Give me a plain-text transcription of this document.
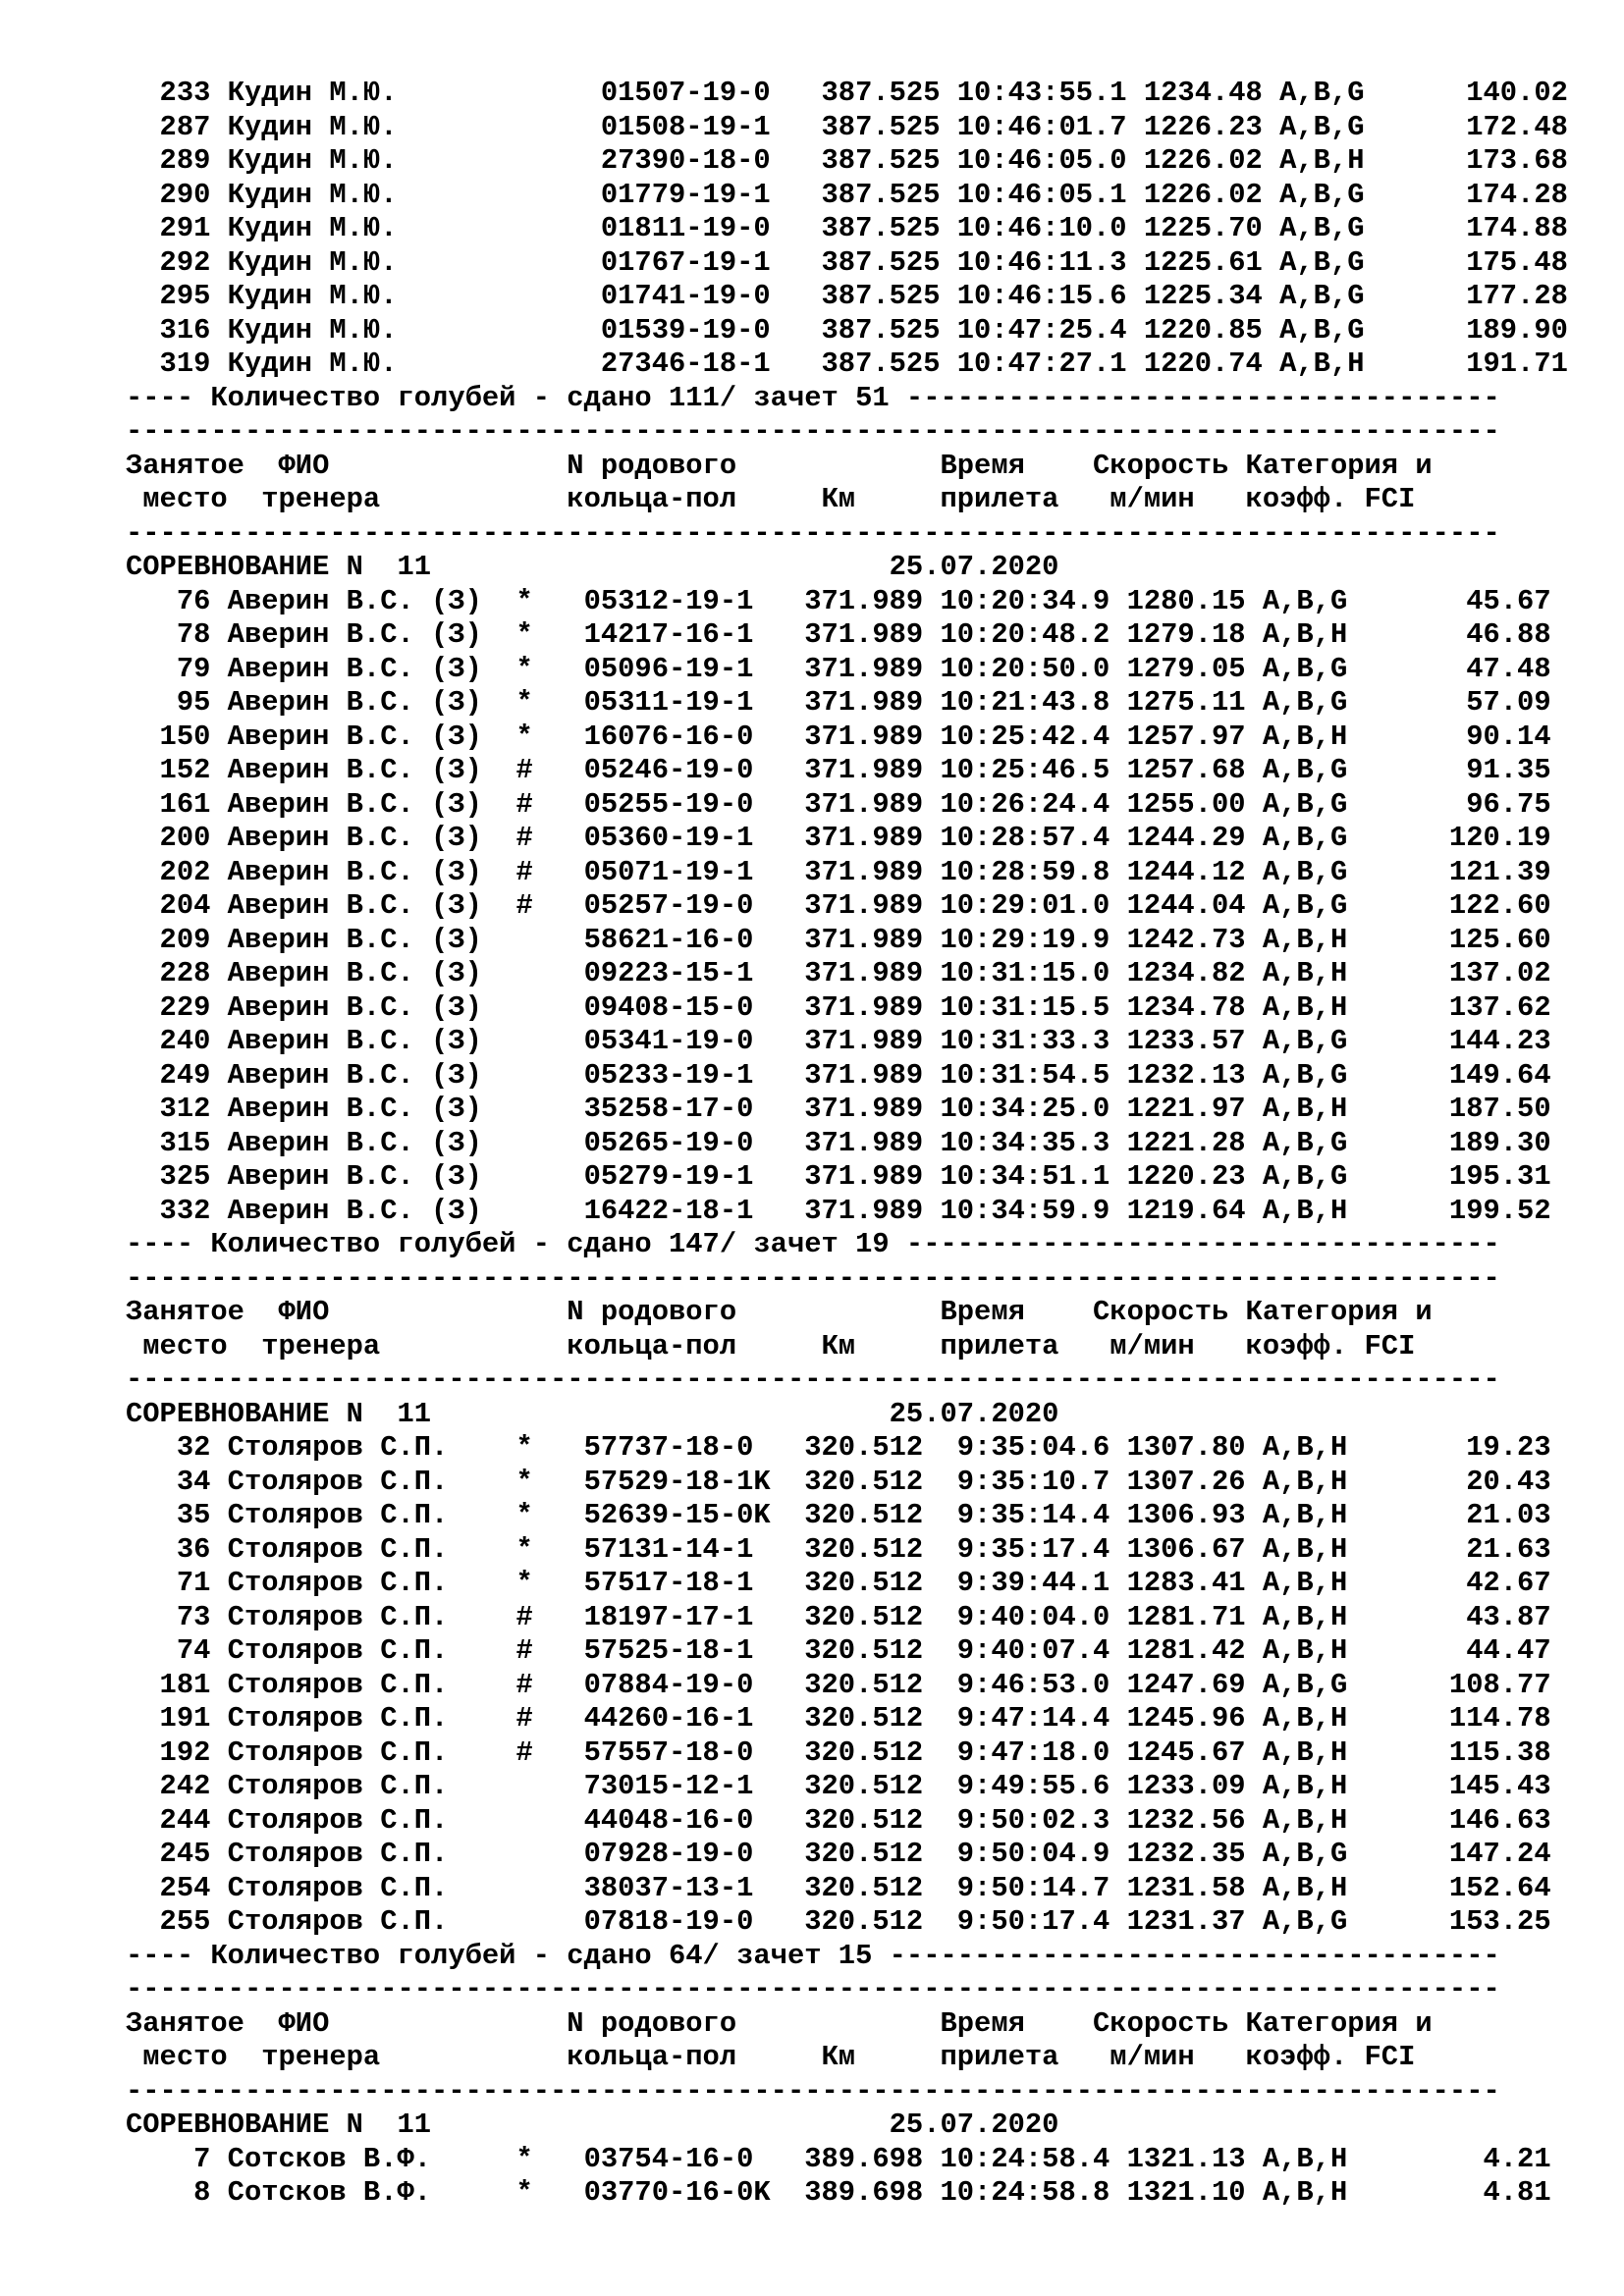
233 Кудин М.Ю.            01507-19-0   387.525 10:43:55.1 1234.48 A,B,G      140.02
287 Кудин М.Ю.            01508-19-1   387.525 10:46:01.7 1226.23 A,B,G      172.48
289 Кудин М.Ю.            27390-18-0   387.525 10:46:05.0 1226.02 A,B,H      173.68
290 Кудин М.Ю.            01779-19-1   387.525 10:46:05.1 1226.02 A,B,G      174.28
291 Кудин М.Ю.            01811-19-0   387.525 10:46:10.0 1225.70 A,B,G      174.88
292 Кудин М.Ю.            01767-19-1   387.525 10:46:11.3 1225.61 A,B,G      175.48
295 Кудин М.Ю.            01741-19-0   387.525 10:46:15.6 1225.34 A,B,G      177.28
316 Кудин М.Ю.            01539-19-0   387.525 10:47:25.4 1220.85 A,B,G      189.90
319 Кудин М.Ю.            27346-18-1   387.525 10:47:27.1 1220.74 A,B,H      191.71
---- Количество голубей - сдано 111/ зачет 51 -----------------------------------
---------------------------------------------------------------------------------
Занятое  ФИО              N родового            Время    Скорость Категория и
место  тренера           кольца-пол     Км     прилета   м/мин   коэфф. FCI
---------------------------------------------------------------------------------
СОРЕВНОВАНИЕ N  11                           25.07.2020
76 Аверин В.С. (З)  *   05312-19-1   371.989 10:20:34.9 1280.15 A,B,G       45.67
78 Аверин В.С. (З)  *   14217-16-1   371.989 10:20:48.2 1279.18 A,B,H       46.88
79 Аверин В.С. (З)  *   05096-19-1   371.989 10:20:50.0 1279.05 A,B,G       47.48
95 Аверин В.С. (З)  *   05311-19-1   371.989 10:21:43.8 1275.11 A,B,G       57.09
150 Аверин В.С. (З)  *   16076-16-0   371.989 10:25:42.4 1257.97 A,B,H       90.14
152 Аверин В.С. (З)  #   05246-19-0   371.989 10:25:46.5 1257.68 A,B,G       91.35
161 Аверин В.С. (З)  #   05255-19-0   371.989 10:26:24.4 1255.00 A,B,G       96.75
200 Аверин В.С. (З)  #   05360-19-1   371.989 10:28:57.4 1244.29 A,B,G      120.19
202 Аверин В.С. (З)  #   05071-19-1   371.989 10:28:59.8 1244.12 A,B,G      121.39
204 Аверин В.С. (З)  #   05257-19-0   371.989 10:29:01.0 1244.04 A,B,G      122.60
209 Аверин В.С. (З)      58621-16-0   371.989 10:29:19.9 1242.73 A,B,H      125.60
228 Аверин В.С. (З)      09223-15-1   371.989 10:31:15.0 1234.82 A,B,H      137.02
229 Аверин В.С. (З)      09408-15-0   371.989 10:31:15.5 1234.78 A,B,H      137.62
240 Аверин В.С. (З)      05341-19-0   371.989 10:31:33.3 1233.57 A,B,G      144.23
249 Аверин В.С. (З)      05233-19-1   371.989 10:31:54.5 1232.13 A,B,G      149.64
312 Аверин В.С. (З)      35258-17-0   371.989 10:34:25.0 1221.97 A,B,H      187.50
315 Аверин В.С. (З)      05265-19-0   371.989 10:34:35.3 1221.28 A,B,G      189.30
325 Аверин В.С. (З)      05279-19-1   371.989 10:34:51.1 1220.23 A,B,G      195.31
332 Аверин В.С. (З)      16422-18-1   371.989 10:34:59.9 1219.64 A,B,H      199.52
---- Количество голубей - сдано 147/ зачет 19 -----------------------------------
---------------------------------------------------------------------------------
Занятое  ФИО              N родового            Время    Скорость Категория и
место  тренера           кольца-пол     Км     прилета   м/мин   коэфф. FCI
---------------------------------------------------------------------------------
СОРЕВНОВАНИЕ N  11                           25.07.2020
32 Столяров С.П.    *   57737-18-0   320.512  9:35:04.6 1307.80 A,B,H       19.23
34 Столяров С.П.    *   57529-18-1K  320.512  9:35:10.7 1307.26 A,B,H       20.43
35 Столяров С.П.    *   52639-15-0K  320.512  9:35:14.4 1306.93 A,B,H       21.03
36 Столяров С.П.    *   57131-14-1   320.512  9:35:17.4 1306.67 A,B,H       21.63
71 Столяров С.П.    *   57517-18-1   320.512  9:39:44.1 1283.41 A,B,H       42.67
73 Столяров С.П.    #   18197-17-1   320.512  9:40:04.0 1281.71 A,B,H       43.87
74 Столяров С.П.    #   57525-18-1   320.512  9:40:07.4 1281.42 A,B,H       44.47
181 Столяров С.П.    #   07884-19-0   320.512  9:46:53.0 1247.69 A,B,G      108.77
191 Столяров С.П.    #   44260-16-1   320.512  9:47:14.4 1245.96 A,B,H      114.78
192 Столяров С.П.    #   57557-18-0   320.512  9:47:18.0 1245.67 A,B,H      115.38
242 Столяров С.П.        73015-12-1   320.512  9:49:55.6 1233.09 A,B,H      145.43
244 Столяров С.П.        44048-16-0   320.512  9:50:02.3 1232.56 A,B,H      146.63
245 Столяров С.П.        07928-19-0   320.512  9:50:04.9 1232.35 A,B,G      147.24
254 Столяров С.П.        38037-13-1   320.512  9:50:14.7 1231.58 A,B,H      152.64
255 Столяров С.П.        07818-19-0   320.512  9:50:17.4 1231.37 A,B,G      153.25
---- Количество голубей - сдано 64/ зачет 15 ------------------------------------
---------------------------------------------------------------------------------
Занятое  ФИО              N родового            Время    Скорость Категория и
место  тренера           кольца-пол     Км     прилета   м/мин   коэфф. FCI
---------------------------------------------------------------------------------
СОРЕВНОВАНИЕ N  11                           25.07.2020
7 Сотсков В.Ф.     *   03754-16-0   389.698 10:24:58.4 1321.13 A,B,H        4.21
8 Сотсков В.Ф.     *   03770-16-0K  389.698 10:24:58.8 1321.10 A,B,H        4.81
